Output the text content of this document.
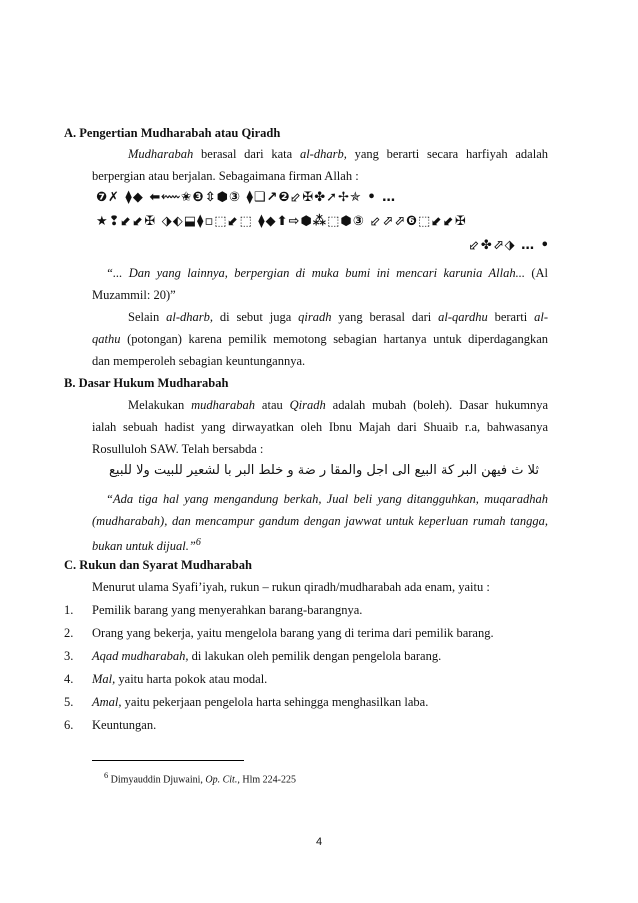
A. Pengertian Mudharabah atau Qiradh
Mudharabah berasal dari kata al-dharb, yang berarti secara harfiyah adalah
berpergian atau berjalan. Sebagaimana firman Allah :
❼✗ ⧫◆ ⬅⬳✬❸⇳⬢③ ⧫❑↗❷⬃✠✤➚✢✯ • …
★❢⬋⬋✠ ⬗⬖⬓⧫▫⬚⬋⬚ ⧫◆⬆⇨⬢⁂⬚⬢③ ⬃⬀⬀❻⬚⬋⬋✠
⬃✤⬀⬗ … •
“... Dan yang lainnya, berpergian di muka bumi ini mencari karunia Allah... (Al
Muzammil: 20)”
Selain al-dharb, di sebut juga qiradh yang berasal dari al-qardhu berarti al-
qathu (potongan) karena pemilik memotong sebagian hartanya untuk diperdagangkan
dan memperoleh sebagian keuntungannya.
B. Dasar Hukum Mudharabah
Melakukan mudharabah atau Qiradh adalah mubah (boleh). Dasar hukumnya
ialah sebuah hadist yang dirwayatkan oleh Ibnu Majah dari Shuaib r.a, bahwasanya
Rosulluloh SAW. Telah bersabda :
ثلا ث فيهن البر كة البيع الى اجل والمقا ر ضة و خلط البر با لشعير للبيت ولا للبيع
“Ada tiga hal yang mengandung berkah, Jual beli yang ditangguhkan, muqaradhah
(mudharabah), dan mencampur gandum dengan jawwat untuk keperluan rumah tangga,
bukan untuk dijual.”$^6$
C. Rukun dan Syarat Mudharabah
Menurut ulama Syafi’iyah, rukun – rukun qiradh/mudharabah ada enam, yaitu :
1. Pemilik barang yang menyerahkan barang-barangnya.
2. Orang yang bekerja, yaitu mengelola barang yang di terima dari pemilik barang.
3. Aqad mudharabah, di lakukan oleh pemilik dengan pengelola barang.
4. Mal, yaitu harta pokok atau modal.
5. Amal, yaitu pekerjaan pengelola harta sehingga menghasilkan laba.
6. Keuntungan.
$^6$ Dimyauddin Djuwaini, Op. Cit., Hlm 224-225
4
